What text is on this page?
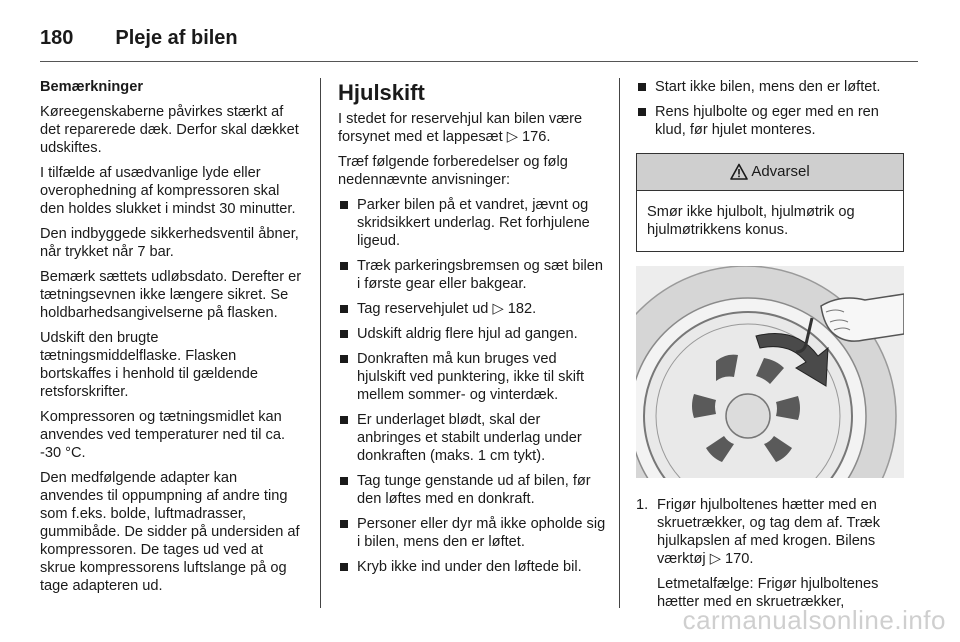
180 Pleje af bilen

Bemærkninger

Køreegenskaberne påvirkes stærkt af det reparerede dæk. Derfor skal dækket udskiftes.

I tilfælde af usædvanlige lyde eller overophedning af kompressoren skal den holdes slukket i mindst 30 minutter.

Den indbyggede sikkerhedsventil åbner, når trykket når 7 bar.

Bemærk sættets udløbsdato. Derefter er tætningsevnen ikke længere sikret. Se holdbarhedsangivelserne på flasken.

Udskift den brugte tætningsmiddelflaske. Flasken bortskaffes i henhold til gældende retsforskrifter.

Kompressoren og tætningsmidlet kan anvendes ved temperaturer ned til ca. -30 °C.

Den medfølgende adapter kan anvendes til oppumpning af andre ting som f.eks. bolde, luftmadrasser, gummibåde. De sidder på undersiden af kompressoren. De tages ud ved at skrue kompressorens luftslange på og tage adapteren ud.

Hjulskift

I stedet for reservehjul kan bilen være forsynet med et lappesæt ▷ 176.

Træf følgende forberedelser og følg nedennævnte anvisninger:

Parker bilen på et vandret, jævnt og skridsikkert underlag. Ret forhjulene ligeud.
Træk parkeringsbremsen og sæt bilen i første gear eller bakgear.
Tag reservehjulet ud ▷ 182.
Udskift aldrig flere hjul ad gangen.
Donkraften må kun bruges ved hjulskift ved punktering, ikke til skift mellem sommer- og vinterdæk.
Er underlaget blødt, skal der anbringes et stabilt underlag under donkraften (maks. 1 cm tykt).
Tag tunge genstande ud af bilen, før den løftes med en donkraft.
Personer eller dyr må ikke opholde sig i bilen, mens den er løftet.
Kryb ikke ind under den løftede bil.
Start ikke bilen, mens den er løftet.
Rens hjulbolte og eger med en ren klud, før hjulet monteres.
Advarsel
Smør ikke hjulbolt, hjulmøtrik og hjulmøtrikkens konus.
1. Frigør hjulboltenes hætter med en skruetrækker, og tag dem af. Træk hjulkapslen af med krogen. Bilens værktøj ▷ 170.

Letmetalfælge: Frigør hjulboltenes hætter med en skruetrækker,

carmanualsonline.info
